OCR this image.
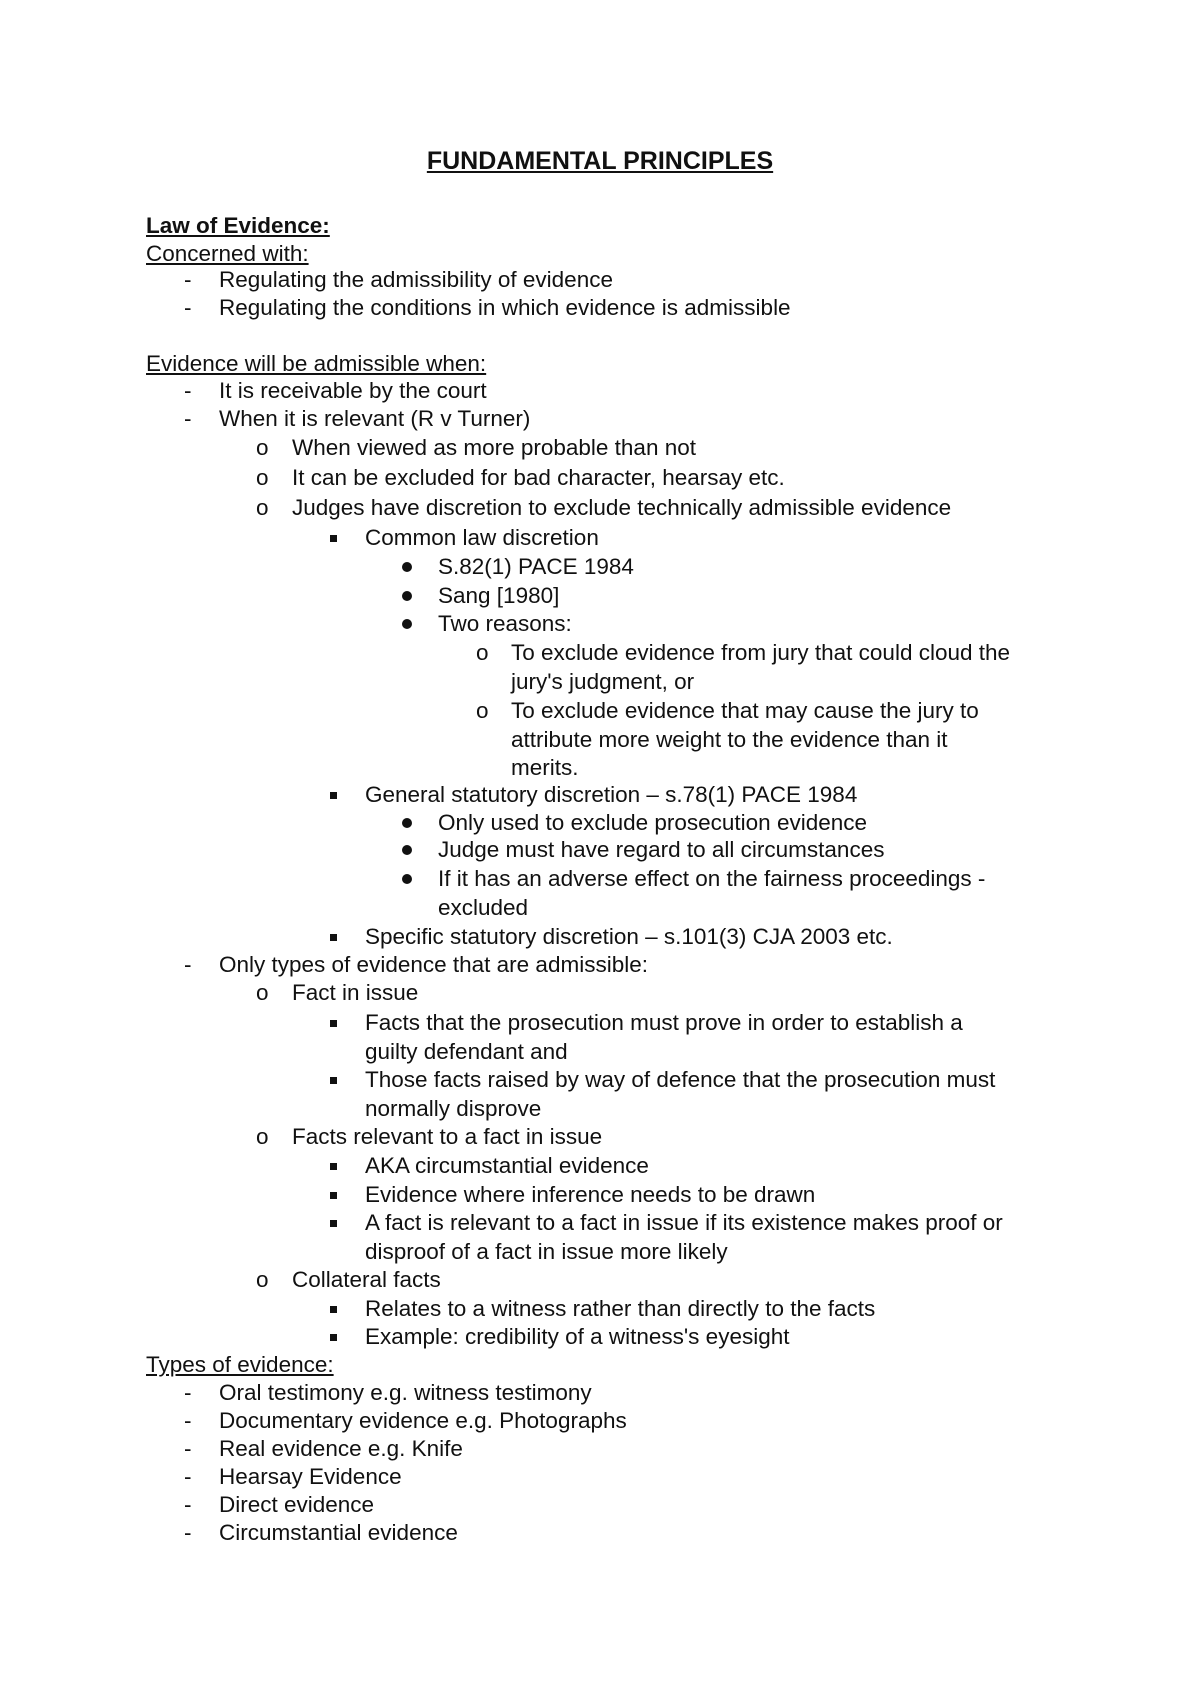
FUNDAMENTAL PRINCIPLES
Law of Evidence:
Concerned with:
- Regulating the admissibility of evidence
- Regulating the conditions in which evidence is admissible
Evidence will be admissible when:
- It is receivable by the court
- When it is relevant (R v Turner)
o When viewed as more probable than not
o It can be excluded for bad character, hearsay etc.
o Judges have discretion to exclude technically admissible evidence
Common law discretion
S.82(1) PACE 1984
Sang [1980]
Two reasons:
o To exclude evidence from jury that could cloud the
jury's judgment, or
o To exclude evidence that may cause the jury to
attribute more weight to the evidence than it
merits.
General statutory discretion – s.78(1) PACE 1984
Only used to exclude prosecution evidence
Judge must have regard to all circumstances
If it has an adverse effect on the fairness proceedings -
excluded
Specific statutory discretion – s.101(3) CJA 2003 etc.
- Only types of evidence that are admissible:
o Fact in issue
Facts that the prosecution must prove in order to establish a
guilty defendant and
Those facts raised by way of defence that the prosecution must
normally disprove
o Facts relevant to a fact in issue
AKA circumstantial evidence
Evidence where inference needs to be drawn
A fact is relevant to a fact in issue if its existence makes proof or
disproof of a fact in issue more likely
o Collateral facts
Relates to a witness rather than directly to the facts
Example: credibility of a witness's eyesight
Types of evidence:
- Oral testimony e.g. witness testimony
- Documentary evidence e.g. Photographs
- Real evidence e.g. Knife
- Hearsay Evidence
- Direct evidence
- Circumstantial evidence
